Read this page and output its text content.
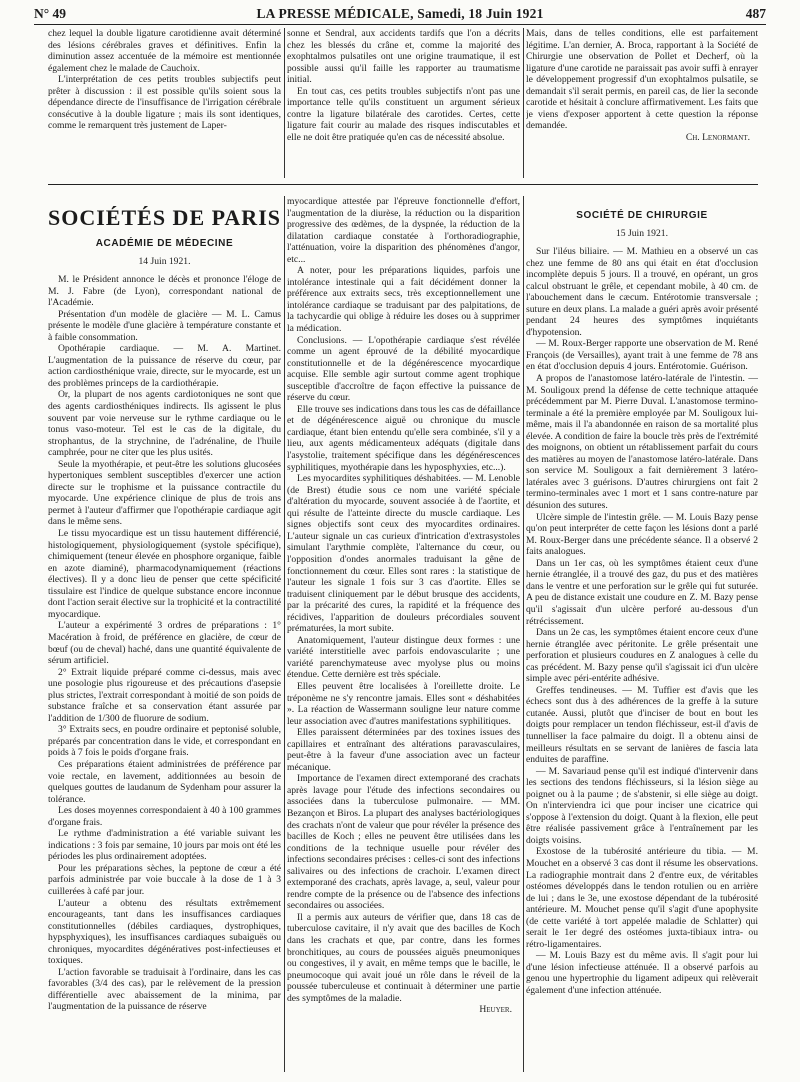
N° 49	LA PRESSE MÉDICALE, Samedi, 18 Juin 1921	487

chez lequel la double ligature carotidienne avait déterminé des lésions cérébrales graves et définitives. Enfin la diminution assez accentuée de la mémoire est mentionnée également chez le malade de Cauchoix.

L'interprétation de ces petits troubles subjectifs peut prêter à discussion : il est possible qu'ils soient sous la dépendance directe de l'insuffisance de l'irrigation cérébrale consécutive à la double ligature ; mais ils sont identiques, comme le remarquent très justement de Laper-

sonne et Sendral, aux accidents tardifs que l'on a décrits chez les blessés du crâne et, comme la majorité des exophtalmos pulsatiles ont une origine traumatique, il est possible aussi qu'il faille les rapporter au traumatisme initial.

En tout cas, ces petits troubles subjectifs n'ont pas une importance telle qu'ils constituent un argument sérieux contre la ligature bilatérale des carotides. Certes, cette ligature fait courir au malade des risques indiscutables et elle ne doit être pratiquée qu'en cas de nécessité absolue.

Mais, dans de telles conditions, elle est parfaitement légitime. L'an dernier, A. Broca, rapportant à la Société de Chirurgie une observation de Pollet et Decherf, où la ligature d'une carotide ne paraissait pas avoir suffi à enrayer le développement progressif d'un exophtalmos pulsatile, se demandait s'il serait permis, en pareil cas, de lier la seconde carotide et hésitait à conclure affirmativement. Les faits que je viens d'exposer apportent à cette question la réponse demandée.

Ch. Lenormant.
SOCIÉTÉS DE PARIS
ACADÉMIE DE MÉDECINE
14 Juin 1921.

M. le Président annonce le décès et prononce l'éloge de M. J. Fabre (de Lyon), correspondant national de l'Académie.

Présentation d'un modèle de glacière — M. L. Camus présente le modèle d'une glacière à température constante et à faible consommation.

Opothérapie cardiaque. — M. A. Martinet. L'augmentation de la puissance de réserve du cœur, par action cardiosthénique vraie, directe, sur le myocarde, est un des problèmes princeps de la cardiothérapie.

Or, la plupart de nos agents cardiotoniques ne sont que des agents cardiosthéniques indirects. Ils agissent le plus souvent par voie nerveuse sur le rythme cardiaque ou le tonus vaso-moteur. Tel est le cas de la digitale, du strophantus, de la strychnine, de l'adrénaline, de l'huile camphrée, pour ne citer que les plus usités.

Seule la myothérapie, et peut-être les solutions glucosées hypertoniques semblent susceptibles d'exercer une action directe sur le trophisme et la puissance contractile du myocarde. Une expérience clinique de plus de trois ans permet à l'auteur d'affirmer que l'opothérapie cardiaque agit dans le même sens.

Le tissu myocardique est un tissu hautement différencié, histologiquement, physiologiquement (systole spécifique), chimiquement (teneur élevée en phosphore organique, faible en azote diaminé), pharmacodynamiquement (réactions électives). Il y a donc lieu de penser que cette spécificité tissulaire est l'indice de quelque substance encore inconnue dont l'action serait élective sur la trophicité et la contractilité myocardique.

L'auteur a expérimenté 3 ordres de préparations : 1° Macération à froid, de préférence en glacière, de cœur de bœuf (ou de cheval) haché, dans une quantité équivalente de sérum artificiel.

2° Extrait liquide préparé comme ci-dessus, mais avec une posologie plus rigoureuse et des précautions d'asepsie plus strictes, l'extrait correspondant à moitié de son poids de substance fraîche et sa conservation étant assurée par l'addition de 1/300 de fluorure de sodium.

3° Extraits secs, en poudre ordinaire et peptonisé soluble, préparés par concentration dans le vide, et correspondant en poids à 7 fois le poids d'organe frais.

Ces préparations étaient administrées de préférence par voie rectale, en lavement, additionnées au besoin de quelques gouttes de laudanum de Sydenham pour assurer la tolérance.

Les doses moyennes correspondaient à 40 à 100 grammes d'organe frais.

Le rythme d'administration a été variable suivant les indications : 3 fois par semaine, 10 jours par mois ont été les périodes les plus ordinairement adoptées.

Pour les préparations sèches, la peptone de cœur a été parfois administrée par voie buccale à la dose de 1 à 3 cuillerées à café par jour.

L'auteur a obtenu des résultats extrêmement encourageants, tant dans les insuffisances cardiaques constitutionnelles (débiles cardiaques, dystrophiques, hypsphyxiques), les insuffisances cardiaques subaiguës ou chroniques, myocardites dégénératives post-infectieuses et toxiques.

L'action favorable se traduisait à l'ordinaire, dans les cas favorables (3/4 des cas), par le relèvement de la pression différentielle avec abaissement de la minima, par l'augmentation de la puissance de réserve

myocardique attestée par l'épreuve fonctionnelle d'effort, l'augmentation de la diurèse, la réduction ou la disparition progressive des œdèmes, de la dyspnée, la réduction de la dilatation cardiaque constatée à l'orthoradiographie, l'atténuation, voire la disparition des phénomènes d'angor, etc...

A noter, pour les préparations liquides, parfois une intolérance intestinale qui a fait décidément donner la préférence aux extraits secs, très exceptionnellement une intolérance cardiaque se traduisant par des palpitations, de la tachycardie qui oblige à réduire les doses ou à supprimer la médication.

Conclusions. — L'opothérapie cardiaque s'est révélée comme un agent éprouvé de la débilité myocardique constitutionnelle et de la dégénérescence myocardique acquise. Elle semble agir surtout comme agent trophique susceptible d'accroître de façon effective la puissance de réserve du cœur.

Elle trouve ses indications dans tous les cas de défaillance et de dégénérescence aiguë ou chronique du muscle cardiaque, étant bien entendu qu'elle sera combinée, s'il y a lieu, aux agents médicamenteux adéquats (digitale dans l'asystolie, traitement spécifique dans les dégénérescences syphilitiques, myothérapie dans les hyposphyxies, etc...).

Les myocardites syphilitiques déshabitées. — M. Lenoble (de Brest) étudie sous ce nom une variété spéciale d'altération du myocarde, souvent associée à de l'aortite, et qui résulte de l'atteinte directe du muscle cardiaque. Les signes objectifs sont ceux des myocardites ordinaires. L'auteur signale un cas curieux d'intrication d'extrasystoles simulant l'arythmie complète, l'alternance du cœur, ou l'opposition d'ondes anormales traduisant la gêne de fonctionnement du cœur. Elles sont rares : la statistique de l'auteur les signale 1 fois sur 3 cas d'aortite. Elles se traduisent cliniquement par le début brusque des accidents, par la précarité des cures, la rapidité et la fréquence des récidives, l'apparition de douleurs précordiales souvent prématurées, la mort subite.

Anatomiquement, l'auteur distingue deux formes : une variété interstitielle avec parfois endovascularite ; une variété parenchymateuse avec myolyse plus ou moins étendue. Cette dernière est très spéciale.

Elles peuvent être localisées à l'oreillette droite. Le tréponème ne s'y rencontre jamais. Elles sont « déshabitées ». La réaction de Wassermann souligne leur nature comme leur association avec d'autres manifestations syphilitiques.

Elles paraissent déterminées par des toxines issues des capillaires et entraînant des altérations paravasculaires, peut-être à la faveur d'une association avec un facteur mécanique.

Importance de l'examen direct extemporané des crachats après lavage pour l'étude des infections secondaires ou associées dans la tuberculose pulmonaire. — MM. Bezançon et Biros. La plupart des analyses bactériologiques des crachats n'ont de valeur que pour révéler la présence des bacilles de Koch ; elles ne peuvent être utilisées dans les conditions de la technique usuelle pour révéler des infections secondaires précises : celles-ci sont des infections salivaires ou des infections de crachoir. L'examen direct extemporané des crachats, après lavage, a, seul, valeur pour rendre compte de la présence ou de l'absence des infections secondaires ou associées.

Il a permis aux auteurs de vérifier que, dans 18 cas de tuberculose cavitaire, il n'y avait que des bacilles de Koch dans les crachats et que, par contre, dans les formes bronchitiques, au cours de poussées aiguës pneumoniques ou congestives, il y avait, en même temps que le bacille, le pneumocoque qui avait joué un rôle dans le réveil de la poussée tuberculeuse et continuait à déterminer une partie des symptômes de la maladie.

Heuyer.
SOCIÉTÉ DE CHIRURGIE
15 Juin 1921.

Sur l'iléus biliaire. — M. Mathieu en a observé un cas chez une femme de 80 ans qui était en état d'occlusion incomplète depuis 5 jours. Il a trouvé, en opérant, un gros calcul obstruant le grêle, et cependant mobile, à 40 cm. de l'abouchement dans le cæcum. Entérotomie transversale ; suture en deux plans. La malade a guéri après avoir présenté pendant 24 heures des symptômes inquiétants d'hypotension.

— M. Roux-Berger rapporte une observation de M. René François (de Versailles), ayant trait à une femme de 78 ans en état d'occlusion depuis 4 jours. Entérotomie. Guérison.

A propos de l'anastomose latéro-latérale de l'intestin. — M. Souligoux prend la défense de cette technique attaquée précédemment par M. Pierre Duval. L'anastomose termino-terminale a été la première employée par M. Souligoux lui-même, mais il l'a abandonnée en raison de sa mortalité plus élevée. A condition de faire la boucle très près de l'extrémité des moignons, on obtient un rétablissement parfait du cours des matières au moyen de l'anastomose latéro-latérale. Dans son service M. Souligoux a fait dernièrement 3 latéro-latérales avec 3 guérisons. D'autres chirurgiens ont fait 2 termino-terminales avec 1 mort et 1 sans contre-nature par désunion des sutures.

Ulcère simple de l'intestin grêle. — M. Louis Bazy pense qu'on peut interpréter de cette façon les lésions dont a parlé M. Roux-Berger dans une précédente séance. Il a observé 2 faits analogues.

Dans un 1er cas, où les symptômes étaient ceux d'une hernie étranglée, il a trouvé des gaz, du pus et des matières dans le ventre et une perforation sur le grêle qui fut suturée. A peu de distance existait une coudure en Z. M. Bazy pense qu'il s'agissait d'un ulcère perforé au-dessous d'un rétrécissement.

Dans un 2e cas, les symptômes étaient encore ceux d'une hernie étranglée avec péritonite. Le grêle présentait une perforation et plusieurs coudures en Z analogues à celle du cas précédent. M. Bazy pense qu'il s'agissait ici d'un ulcère simple avec péri-entérite adhésive.

Greffes tendineuses. — M. Tuffier est d'avis que les échecs sont dus à des adhérences de la greffe à la suture cutanée. Aussi, plutôt que d'inciser de bout en bout les doigts pour remplacer un tendon fléchisseur, est-il d'avis de tunnelliser la face palmaire du doigt. Il a obtenu ainsi de meilleurs résultats en se servant de lanières de fascia lata enduites de paraffine.

— M. Savariaud pense qu'il est indiqué d'intervenir dans les sections des tendons fléchisseurs, si la lésion siège au poignet ou à la paume ; de s'abstenir, si elle siège au doigt. On n'interviendra ici que pour inciser une cicatrice qui s'oppose à l'extension du doigt. Quant à la flexion, elle peut être réalisée passivement grâce à l'entraînement par les doigts voisins.

Exostose de la tubérosité antérieure du tibia. — M. Mouchet en a observé 3 cas dont il résume les observations. La radiographie montrait dans 2 d'entre eux, de véritables ostéomes développés dans le tendon rotulien ou en arrière de lui ; dans le 3e, une exostose dépendant de la tubérosité antérieure. M. Mouchet pense qu'il s'agit d'une apophysite (de cette variété à tort appelée maladie de Schlatter) qui serait le 1er degré des ostéomes juxta-tibiaux intra- ou rétro-ligamentaires.

— M. Louis Bazy est du même avis. Il s'agit pour lui d'une lésion infectieuse atténuée. Il a observé parfois au genou une hypertrophie du ligament adipeux qui relèverait également d'une infection atténuée.
